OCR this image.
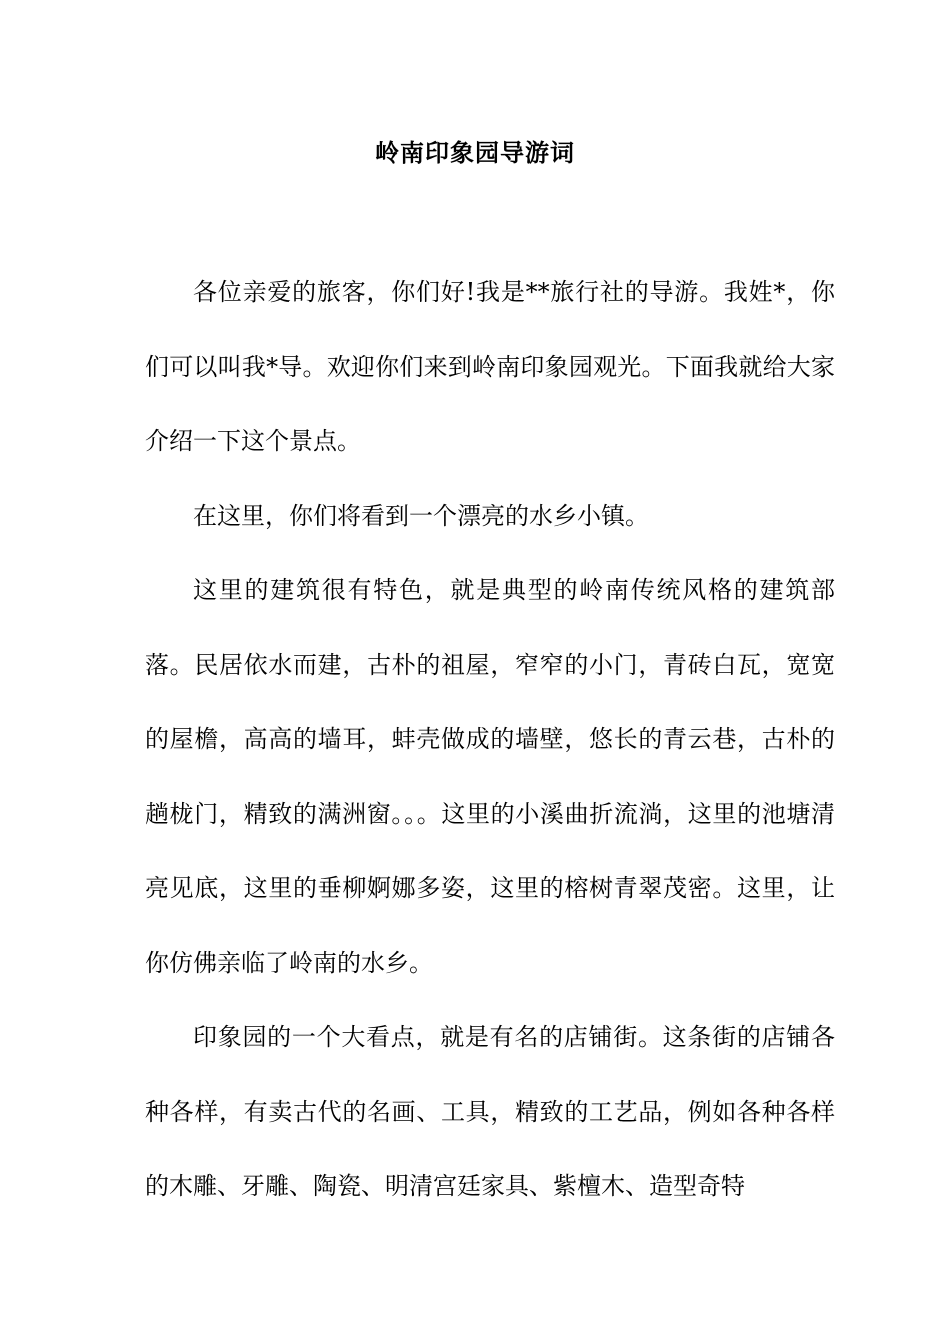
岭南印象园导游词

各位亲爱的旅客，你们好!我是**旅行社的导游。我姓*，你们可以叫我*导。欢迎你们来到岭南印象园观光。下面我就给大家介绍一下这个景点。

在这里，你们将看到一个漂亮的水乡小镇。

这里的建筑很有特色，就是典型的岭南传统风格的建筑部落。民居依水而建，古朴的祖屋，窄窄的小门，青砖白瓦，宽宽的屋檐，高高的墙耳，蚌壳做成的墙壁，悠长的青云巷，古朴的趟栊门，精致的满洲窗。。。这里的小溪曲折流淌，这里的池塘清亮见底，这里的垂柳婀娜多姿，这里的榕树青翠茂密。这里，让你仿佛亲临了岭南的水乡。

印象园的一个大看点，就是有名的店铺街。这条街的店铺各种各样，有卖古代的名画、工具，精致的工艺品，例如各种各样的木雕、牙雕、陶瓷、明清宫廷家具、紫檀木、造型奇特
